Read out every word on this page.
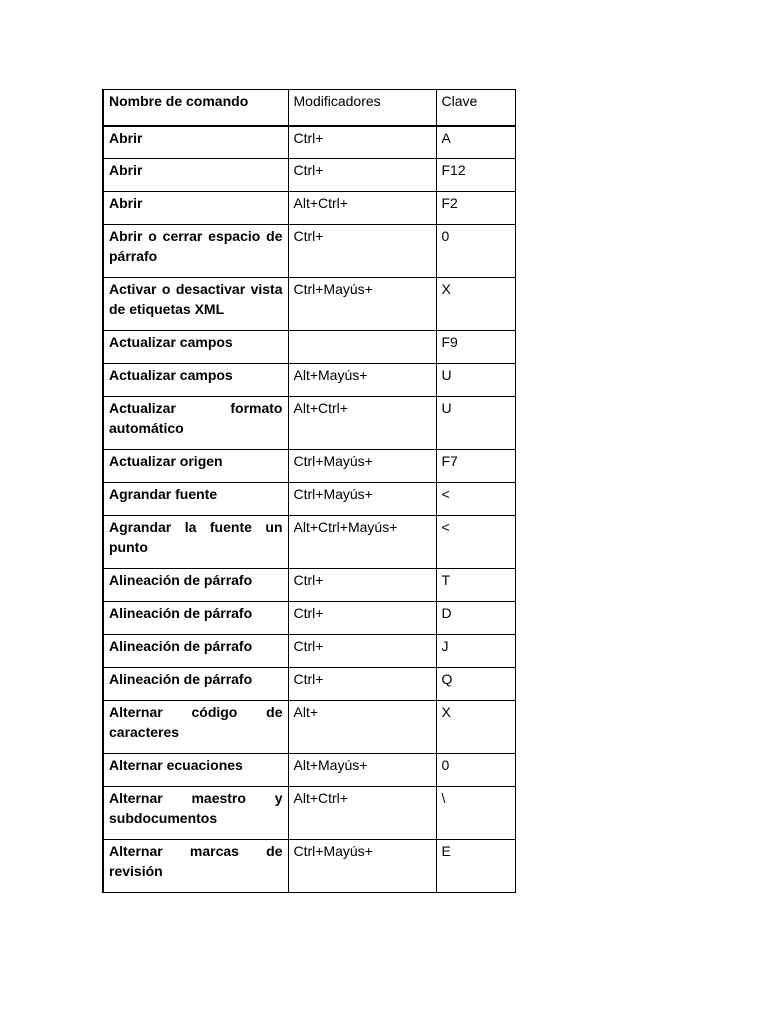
Nombre de comando	Modificadores	Clave
Abrir	Ctrl+	A
Abrir	Ctrl+	F12
Abrir	Alt+Ctrl+	F2
Abrir o cerrar espacio de párrafo	Ctrl+	0
Activar o desactivar vista de etiquetas XML	Ctrl+Mayús+	X
Actualizar campos		F9
Actualizar campos	Alt+Mayús+	U
Actualizar formato automático	Alt+Ctrl+	U
Actualizar origen	Ctrl+Mayús+	F7
Agrandar fuente	Ctrl+Mayús+	<
Agrandar la fuente un punto	Alt+Ctrl+Mayús+	<
Alineación de párrafo	Ctrl+	T
Alineación de párrafo	Ctrl+	D
Alineación de párrafo	Ctrl+	J
Alineación de párrafo	Ctrl+	Q
Alternar código de caracteres	Alt+	X
Alternar ecuaciones	Alt+Mayús+	0
Alternar maestro y subdocumentos	Alt+Ctrl+	\
Alternar marcas de revisión	Ctrl+Mayús+	E
